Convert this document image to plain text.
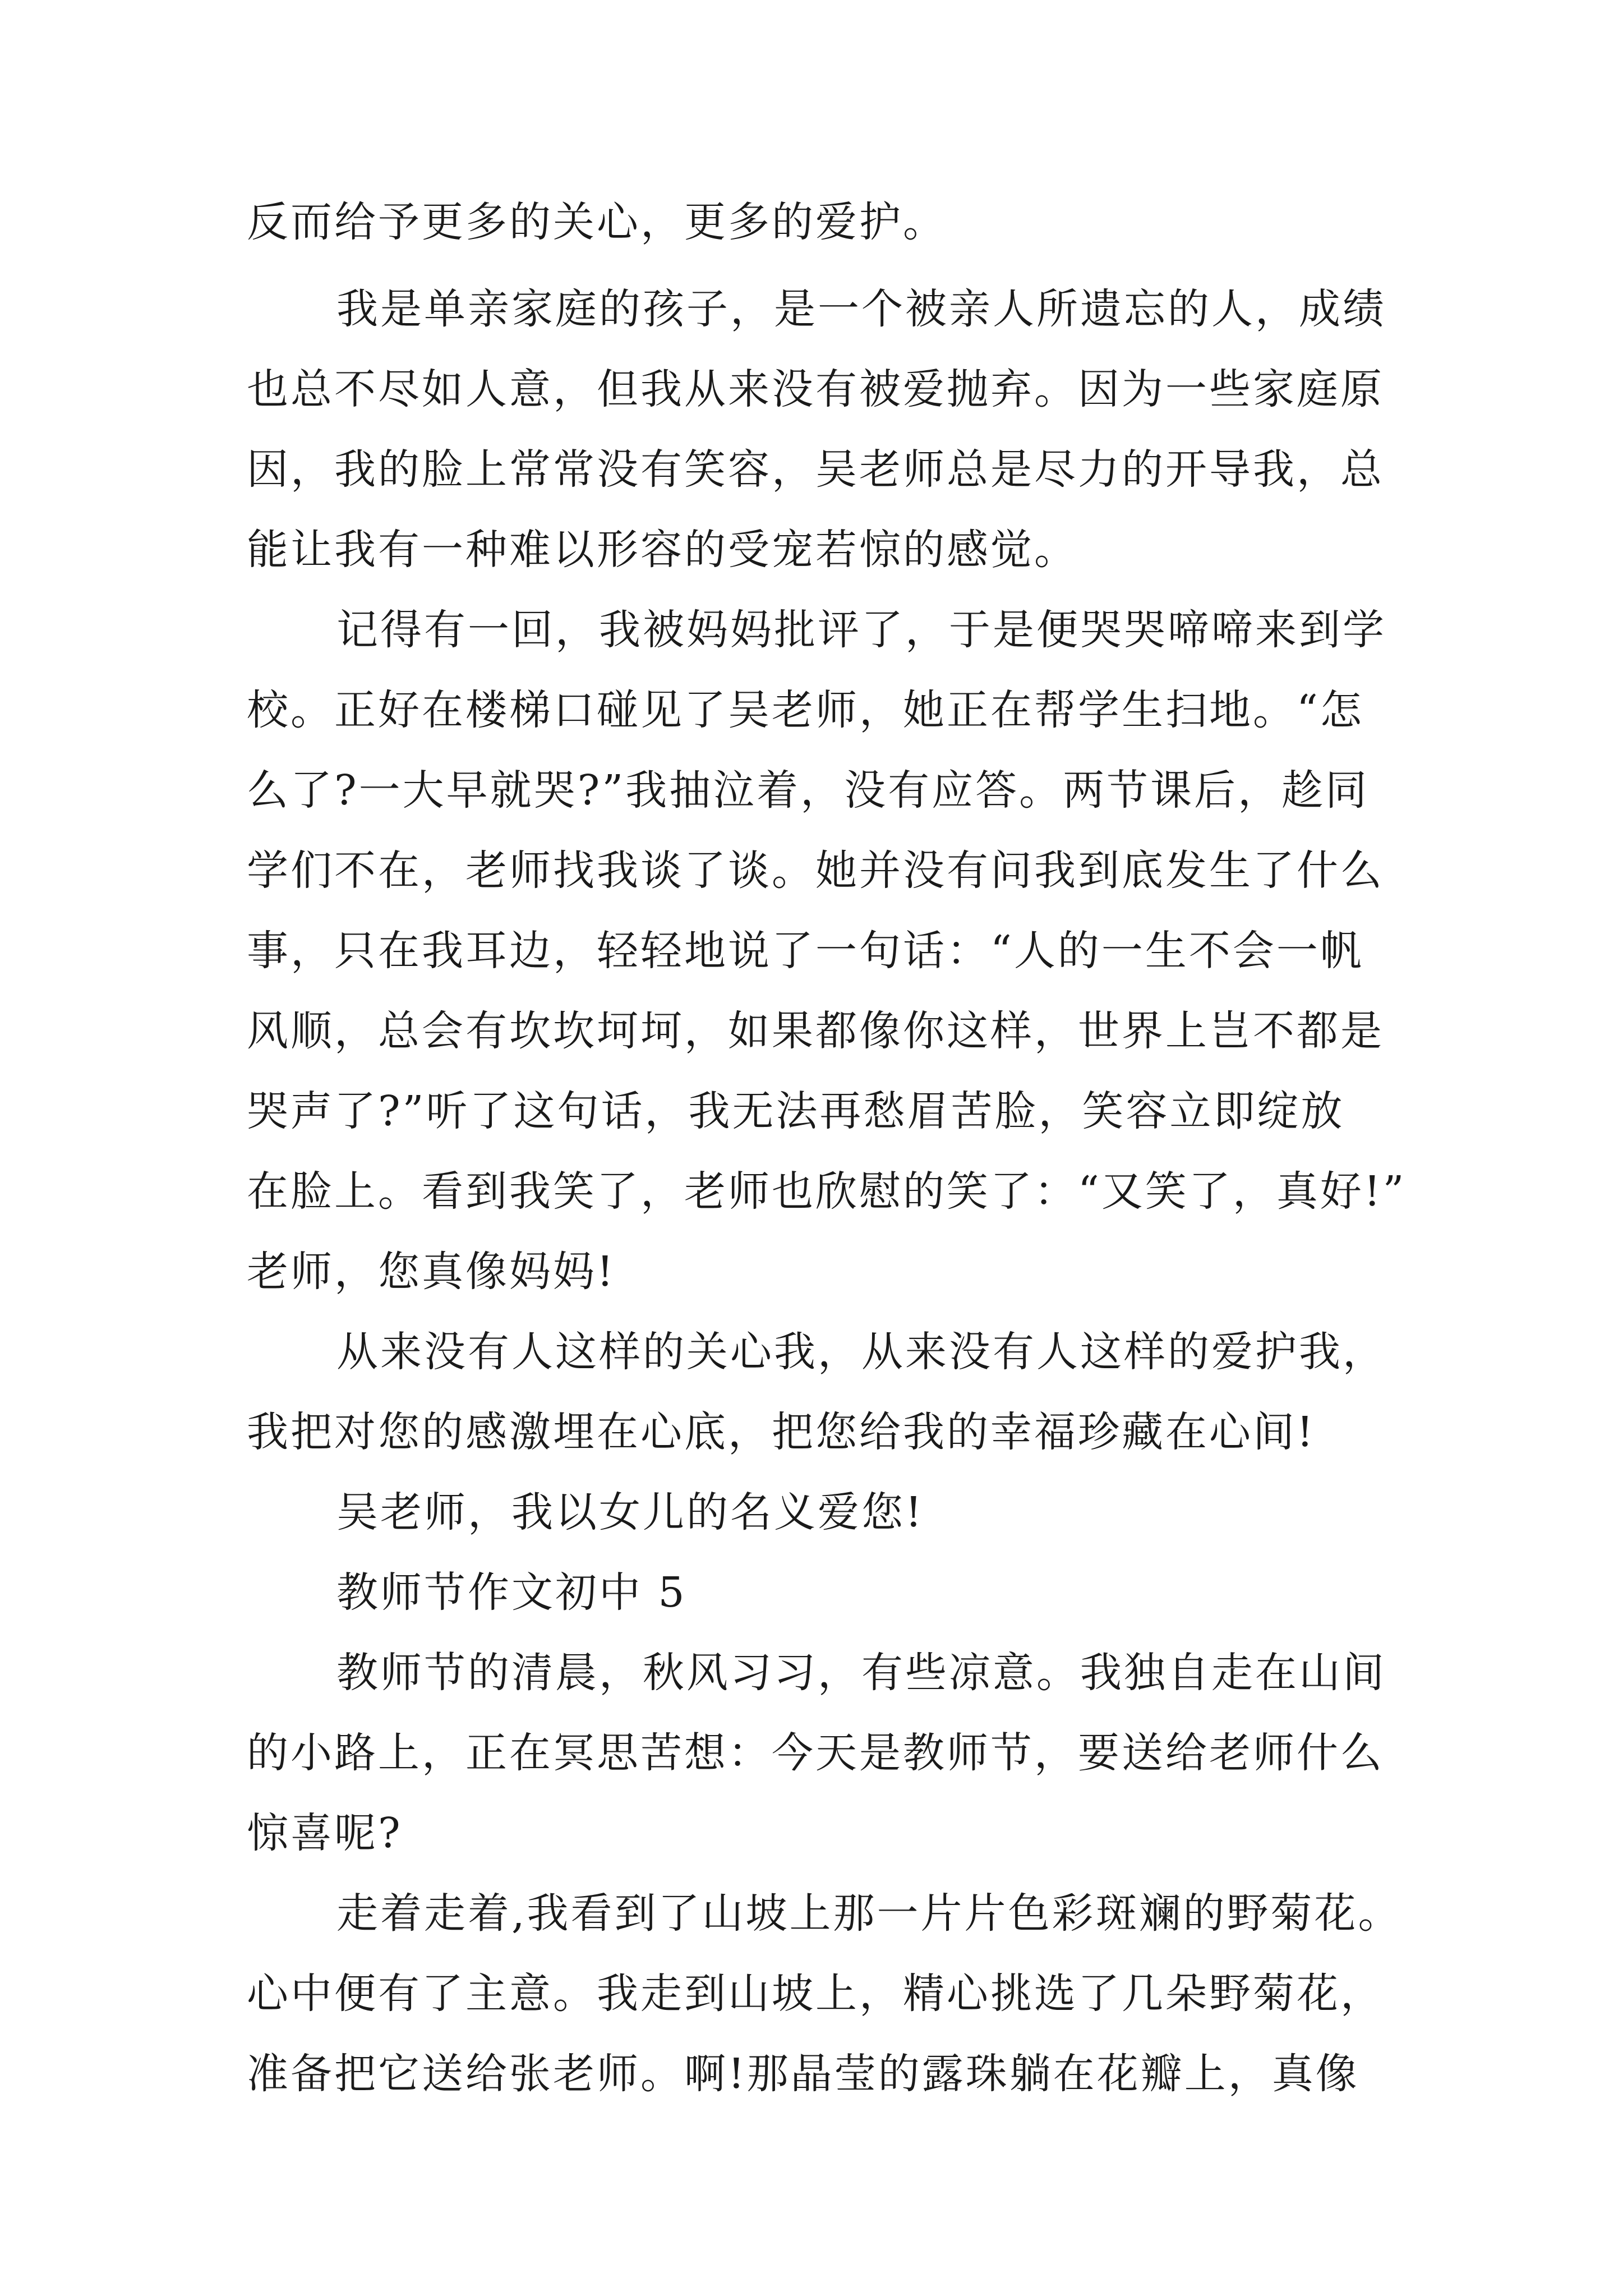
反而给予更多的关心，更多的爱护。
我是单亲家庭的孩子，是一个被亲人所遗忘的人，成绩
也总不尽如人意，但我从来没有被爱抛弃。因为一些家庭原
因，我的脸上常常没有笑容，吴老师总是尽力的开导我，总
能让我有一种难以形容的受宠若惊的感觉。
记得有一回，我被妈妈批评了，于是便哭哭啼啼来到学
校。正好在楼梯口碰见了吴老师，她正在帮学生扫地。“怎
么了?一大早就哭?”我抽泣着，没有应答。两节课后，趁同
学们不在，老师找我谈了谈。她并没有问我到底发生了什么
事，只在我耳边，轻轻地说了一句话：“人的一生不会一帆
风顺，总会有坎坎坷坷，如果都像你这样，世界上岂不都是
哭声了?”听了这句话，我无法再愁眉苦脸，笑容立即绽放
在脸上。看到我笑了，老师也欣慰的笑了：“又笑了，真好!”
老师，您真像妈妈!
从来没有人这样的关心我，从来没有人这样的爱护我，
我把对您的感激埋在心底，把您给我的幸福珍藏在心间!
吴老师，我以女儿的名义爱您!
教师节作文初中 5
教师节的清晨，秋风习习，有些凉意。我独自走在山间
的小路上，正在冥思苦想：今天是教师节，要送给老师什么
惊喜呢?
走着走着,我看到了山坡上那一片片色彩斑斓的野菊花。
心中便有了主意。我走到山坡上，精心挑选了几朵野菊花，
准备把它送给张老师。啊!那晶莹的露珠躺在花瓣上，真像
